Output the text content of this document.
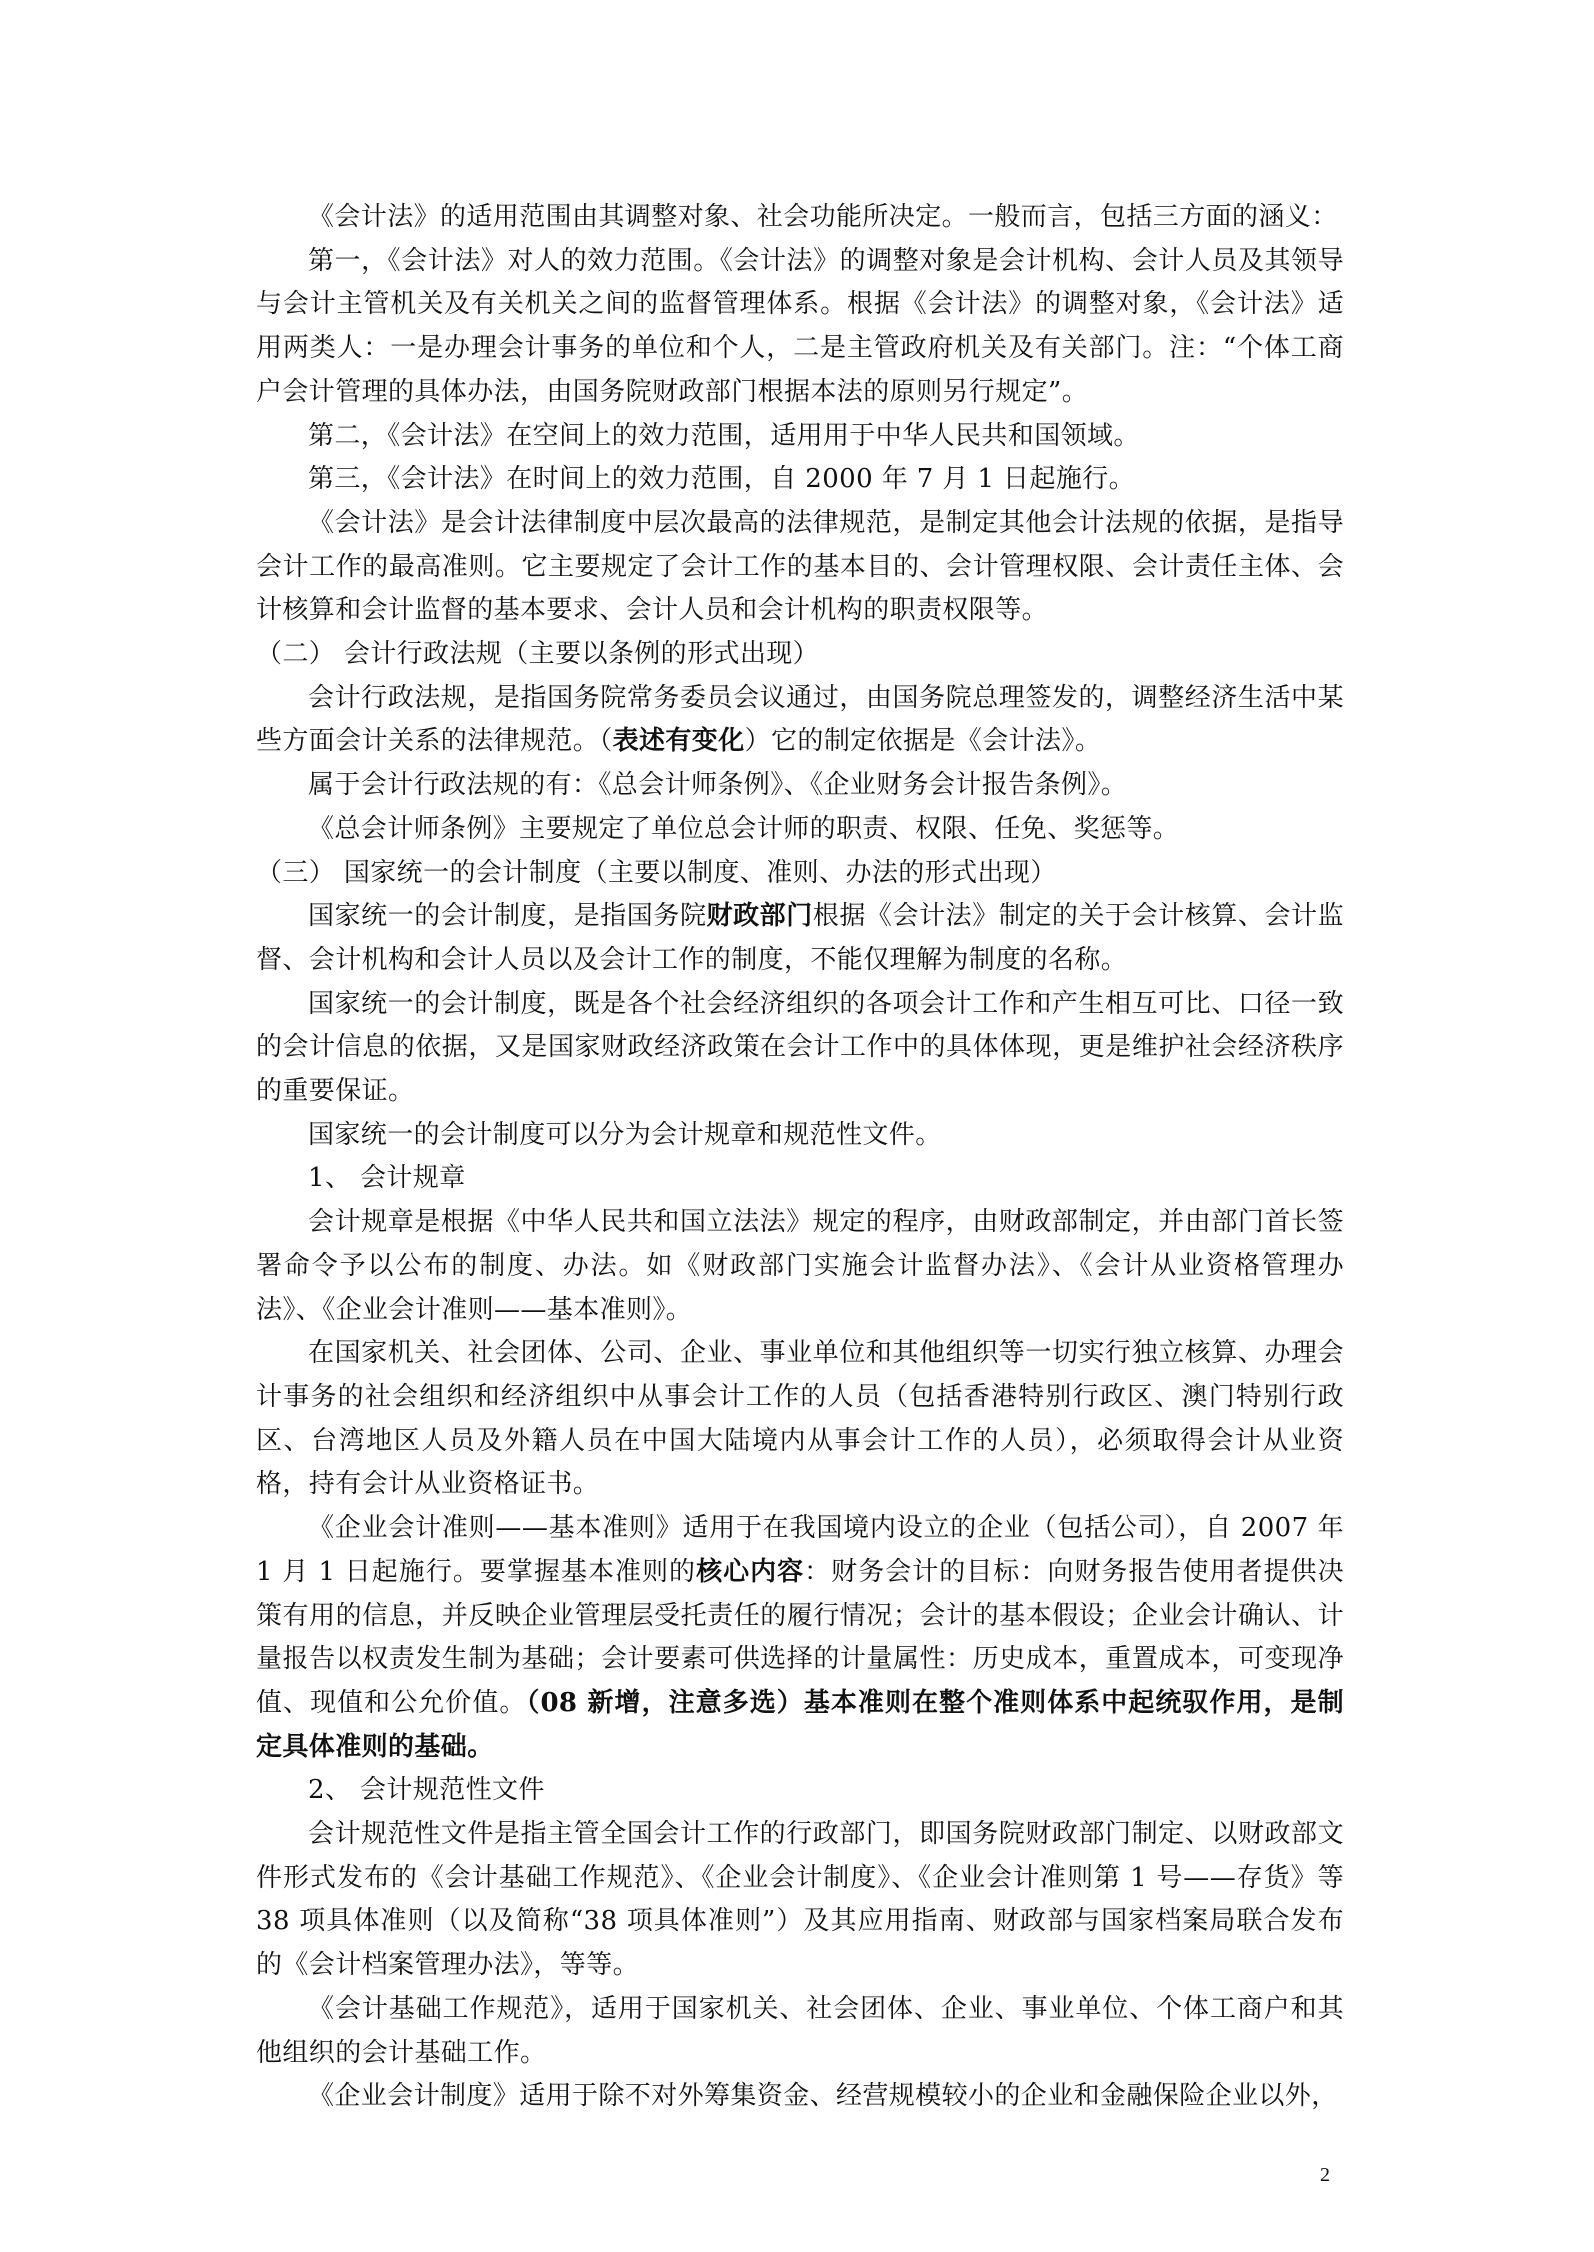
《会计法》的适用范围由其调整对象、社会功能所决定。一般而言，包括三方面的涵义：

第一，《会计法》对人的效力范围。《会计法》的调整对象是会计机构、会计人员及其领导与会计主管机关及有关机关之间的监督管理体系。根据《会计法》的调整对象，《会计法》适用两类人：一是办理会计事务的单位和个人，二是主管政府机关及有关部门。注：“个体工商户会计管理的具体办法，由国务院财政部门根据本法的原则另行规定”。

第二，《会计法》在空间上的效力范围，适用用于中华人民共和国领域。

第三，《会计法》在时间上的效力范围，自 2000 年 7 月 1 日起施行。

《会计法》是会计法律制度中层次最高的法律规范，是制定其他会计法规的依据，是指导会计工作的最高准则。它主要规定了会计工作的基本目的、会计管理权限、会计责任主体、会计核算和会计监督的基本要求、会计人员和会计机构的职责权限等。

（二） 会计行政法规（主要以条例的形式出现）

会计行政法规，是指国务院常务委员会议通过，由国务院总理签发的，调整经济生活中某些方面会计关系的法律规范。（表述有变化）它的制定依据是《会计法》。

属于会计行政法规的有：《总会计师条例》、《企业财务会计报告条例》。

《总会计师条例》主要规定了单位总会计师的职责、权限、任免、奖惩等。

（三） 国家统一的会计制度（主要以制度、准则、办法的形式出现）

国家统一的会计制度，是指国务院财政部门根据《会计法》制定的关于会计核算、会计监督、会计机构和会计人员以及会计工作的制度，不能仅理解为制度的名称。

国家统一的会计制度，既是各个社会经济组织的各项会计工作和产生相互可比、口径一致的会计信息的依据，又是国家财政经济政策在会计工作中的具体体现，更是维护社会经济秩序的重要保证。

国家统一的会计制度可以分为会计规章和规范性文件。

1、 会计规章

会计规章是根据《中华人民共和国立法法》规定的程序，由财政部制定，并由部门首长签署命令予以公布的制度、办法。如《财政部门实施会计监督办法》、《会计从业资格管理办法》、《企业会计准则——基本准则》。

在国家机关、社会团体、公司、企业、事业单位和其他组织等一切实行独立核算、办理会计事务的社会组织和经济组织中从事会计工作的人员（包括香港特别行政区、澳门特别行政区、台湾地区人员及外籍人员在中国大陆境内从事会计工作的人员），必须取得会计从业资格，持有会计从业资格证书。

《企业会计准则——基本准则》适用于在我国境内设立的企业（包括公司），自 2007 年 1 月 1 日起施行。要掌握基本准则的核心内容：财务会计的目标：向财务报告使用者提供决策有用的信息，并反映企业管理层受托责任的履行情况；会计的基本假设；企业会计确认、计量报告以权责发生制为基础；会计要素可供选择的计量属性：历史成本，重置成本，可变现净值、现值和公允价值。（08 新增，注意多选）基本准则在整个准则体系中起统驭作用，是制定具体准则的基础。

2、 会计规范性文件

会计规范性文件是指主管全国会计工作的行政部门，即国务院财政部门制定、以财政部文件形式发布的《会计基础工作规范》、《企业会计制度》、《企业会计准则第 1 号——存货》等 38 项具体准则（以及简称“38 项具体准则”）及其应用指南、财政部与国家档案局联合发布的《会计档案管理办法》，等等。

《会计基础工作规范》，适用于国家机关、社会团体、企业、事业单位、个体工商户和其他组织的会计基础工作。

《企业会计制度》适用于除不对外筹集资金、经营规模较小的企业和金融保险企业以外，

2
